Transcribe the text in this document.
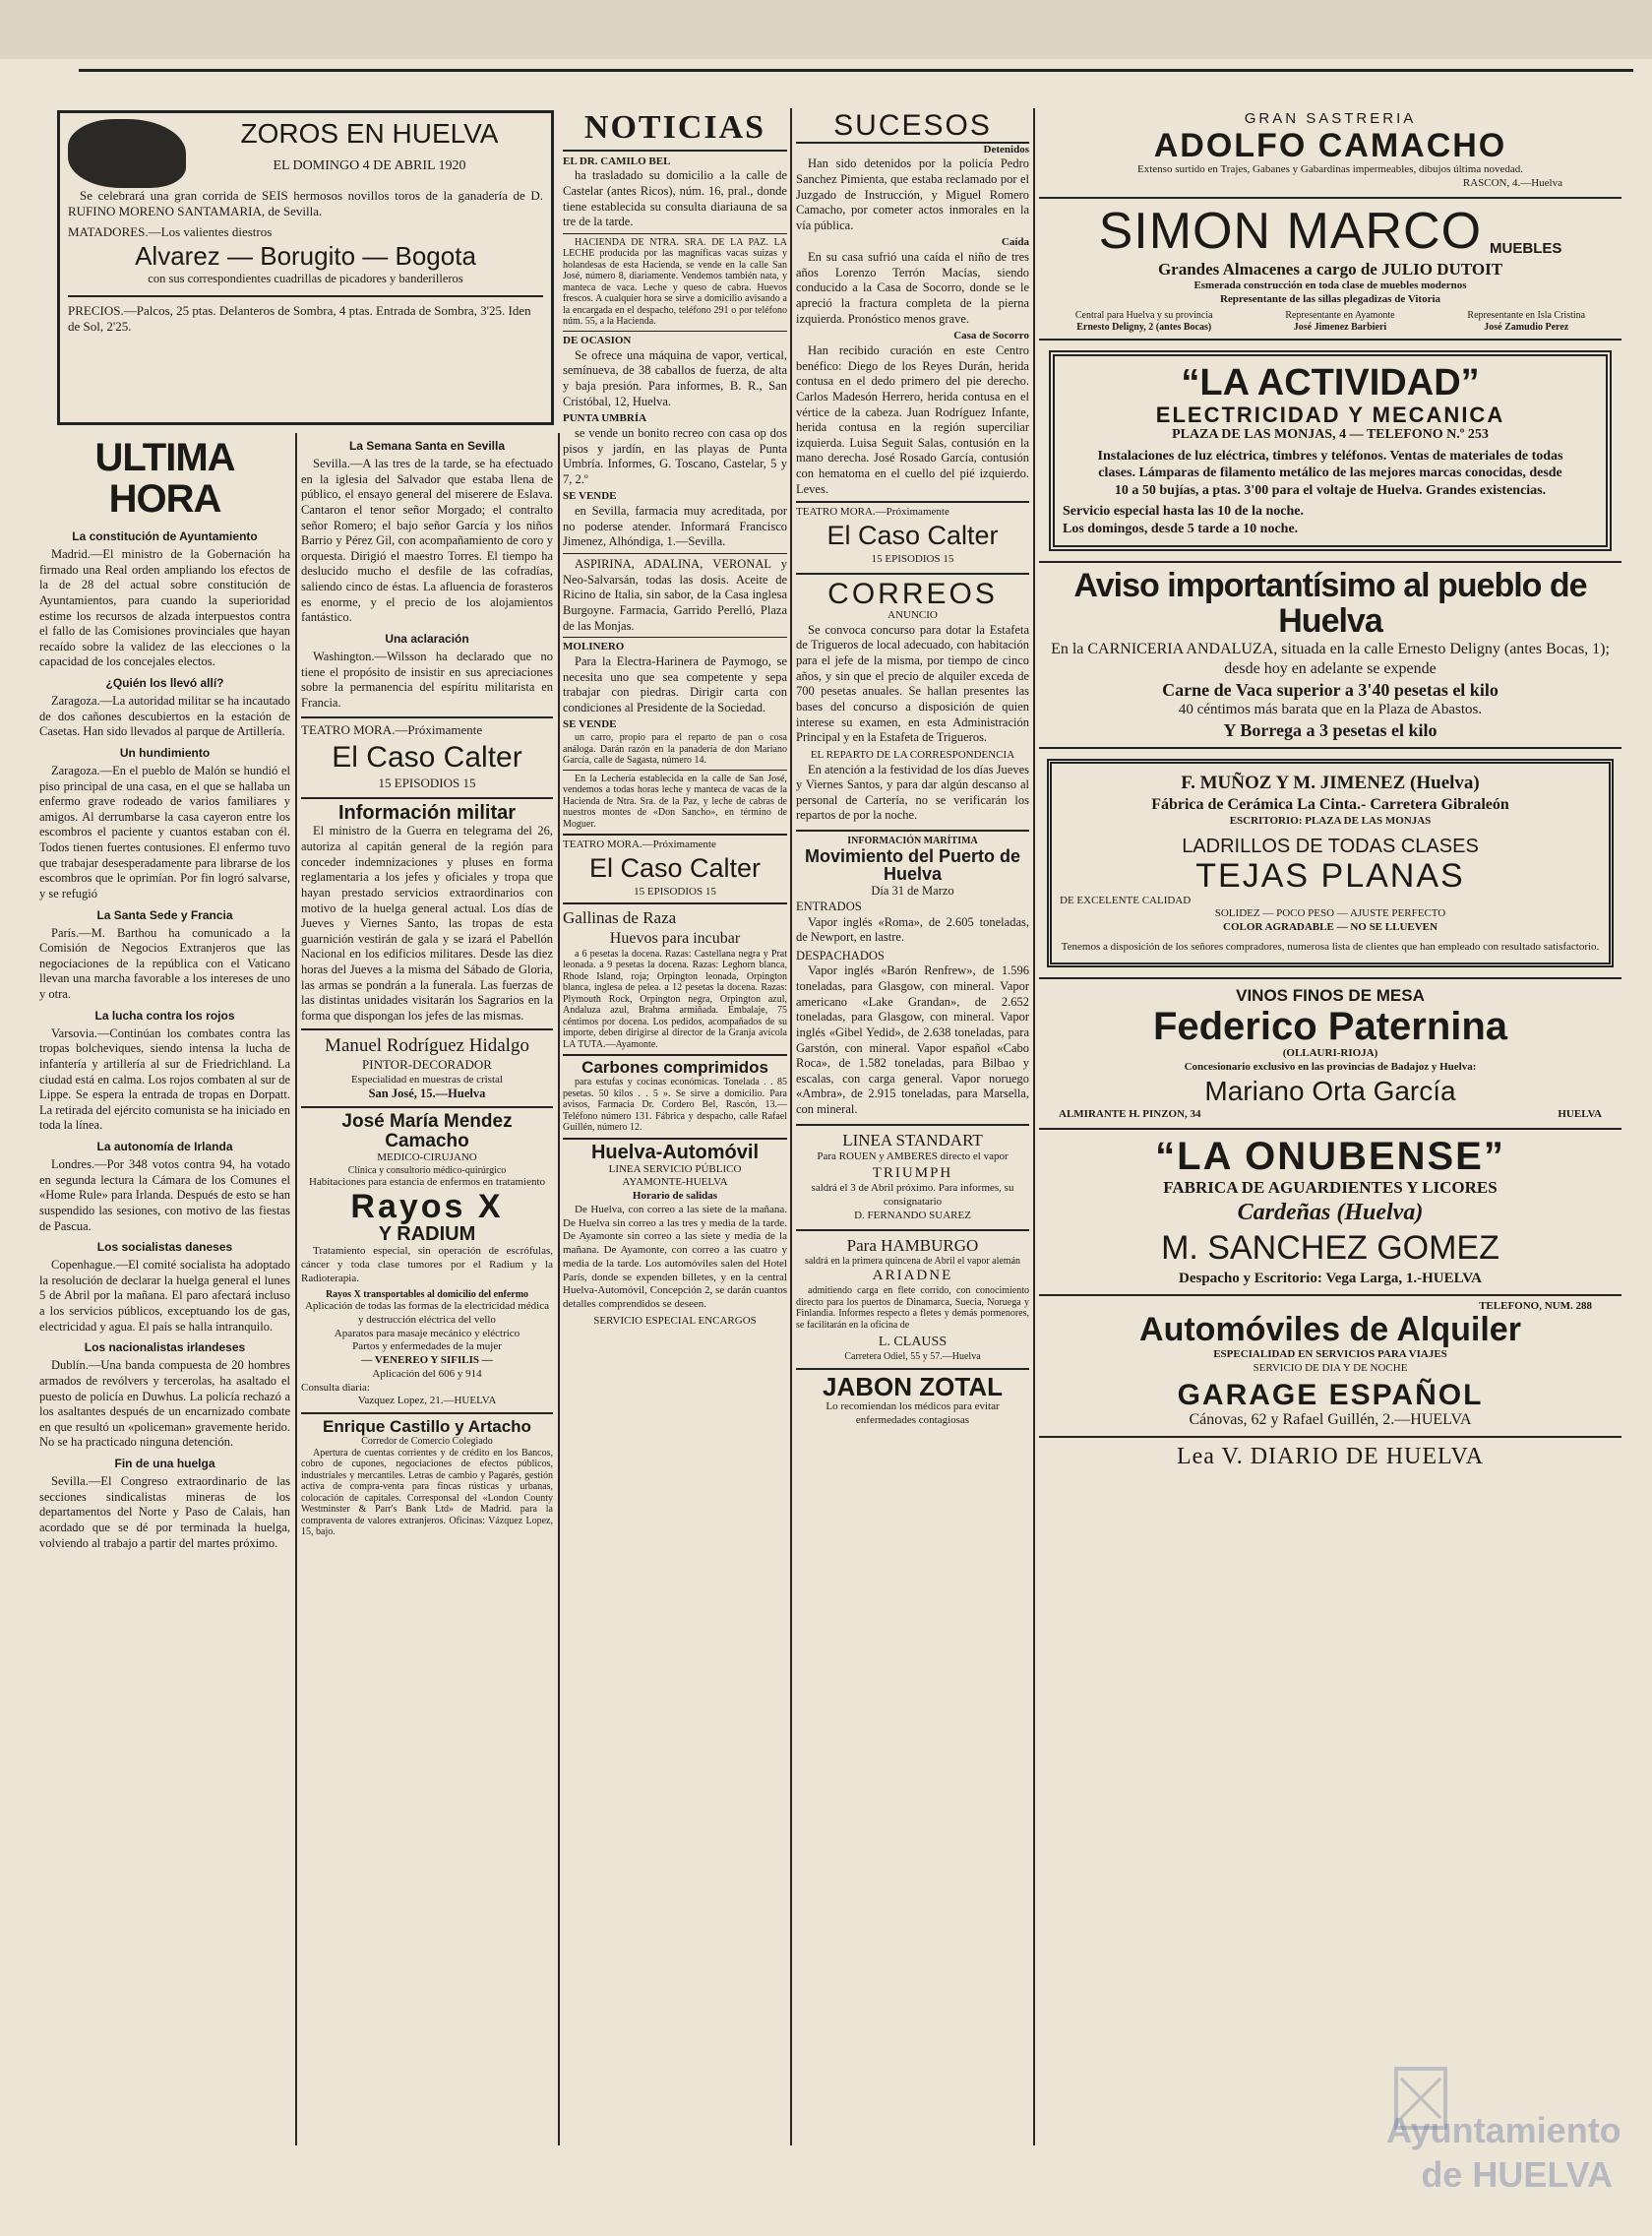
ZOROS EN HUELVA
EL DOMINGO 4 DE ABRIL 1920

Se celebrará una gran corrida de SEIS hermosos novillos toros de la ganadería de D. RUFINO MORENO SANTAMARIA, de Sevilla.

MATADORES.—Los valientes diestros
Alvarez — Borugito — Bogota
con sus correspondientes cuadrillas de picadores y banderilleros
PRECIOS.—Palcos, 25 ptas. Delanteros de Sombra, 4 ptas. Entrada de Sombra, 3'25. Iden de Sol, 2'25.
ULTIMA HORA
La constitución de Ayuntamiento

Madrid.—El ministro de la Gobernación ha firmado una Real orden ampliando los efectos de la de 28 del actual sobre constitución de Ayuntamientos, para cuando la superioridad estime los recursos de alzada interpuestos contra el fallo de las Comisiones provinciales que hayan recaído sobre la validez de las elecciones o la capacidad de los concejales electos.

¿Quién los llevó allí?

Zaragoza.—La autoridad militar se ha incautado de dos cañones descubiertos en la estación de Casetas. Han sido llevados al parque de Artillería.

Un hundimiento

Zaragoza.—En el pueblo de Malón se hundió el piso principal de una casa, en el que se hallaba un enfermo grave rodeado de varios familiares y amigos. Al derrumbarse la casa cayeron entre los escombros el paciente y cuantos estaban con él. Todos tienen fuertes contusiones. El enfermo tuvo que trabajar desesperadamente para librarse de los escombros que le oprimían. Por fin logró salvarse, y se refugió

La Santa Sede y Francia

París.—M. Barthou ha comunicado a la Comisión de Negocios Extranjeros que las negociaciones de la república con el Vaticano llevan una marcha favorable a los intereses de uno y otra.

La lucha contra los rojos

Varsovia.—Continúan los combates contra las tropas bolcheviques, siendo intensa la lucha de infantería y artillería al sur de Friedrichland. La ciudad está en calma. Los rojos combaten al sur de Lippe. Se espera la entrada de tropas en Dorpatt. La retirada del ejército comunista se ha iniciado en toda la línea.

La autonomía de Irlanda

Londres.—Por 348 votos contra 94, ha votado en segunda lectura la Cámara de los Comunes el «Home Rule» para Irlanda. Después de esto se han suspendido las sesiones, con motivo de las fiestas de Pascua.

Los socialistas daneses

Copenhague.—El comité socialista ha adoptado la resolución de declarar la huelga general el lunes 5 de Abril por la mañana. El paro afectará incluso a los servicios públicos, exceptuando los de gas, electricidad y agua. El país se halla intranquilo.

Los nacionalistas irlandeses

Dublín.—Una banda compuesta de 20 hombres armados de revólvers y tercerolas, ha asaltado el puesto de policía en Duwhus. La policía rechazó a los asaltantes después de un encarnizado combate en que resultó un «policeman» gravemente herido. No se ha practicado ninguna detención.

Fin de una huelga

Sevilla.—El Congreso extraordinario de las secciones sindicalistas mineras de los departamentos del Norte y Paso de Calais, han acordado que se dé por terminada la huelga, volviendo al trabajo a partir del martes próximo.

La Semana Santa en Sevilla

Sevilla.—A las tres de la tarde, se ha efectuado en la iglesia del Salvador que estaba llena de público, el ensayo general del miserere de Eslava. Cantaron el tenor señor Morgado; el contralto señor Romero; el bajo señor García y los niños Barrio y Pérez Gil, con acompañamiento de coro y orquesta. Dirigió el maestro Torres. El tiempo ha deslucido mucho el desfile de las cofradías, saliendo cinco de éstas. La afluencia de forasteros es enorme, y el precio de los alojamientos fantástico.

Una aclaración

Washington.—Wilsson ha declarado que no tiene el propósito de insistir en sus apreciaciones sobre la permanencia del espíritu militarista en Francia.

TEATRO MORA.—Próximamente
El Caso Calter
15 EPISODIOS 15
Información militar

El ministro de la Guerra en telegrama del 26, autoriza al capitán general de la región para conceder indemnizaciones y pluses en forma reglamentaria a los jefes y oficiales y tropa que hayan prestado servicios extraordinarios con motivo de la huelga general actual. Los días de Jueves y Viernes Santo, las tropas de esta guarnición vestirán de gala y se izará el Pabellón Nacional en los edificios militares. Desde las diez horas del Jueves a la misma del Sábado de Gloria, las armas se pondrán a la funerala. Las fuerzas de las distintas unidades visitarán los Sagrarios en la forma que dispongan los jefes de las mismas.

Manuel Rodríguez Hidalgo
PINTOR-DECORADOR
Especialidad en muestras de cristal
San José, 15.—Huelva
José María Mendez Camacho
MEDICO-CIRUJANO
Clínica y consultorio médico-quirúrgico
Habitaciones para estancia de enfermos en tratamiento
Rayos X
Y RADIUM

Tratamiento especial, sin operación de escrófulas, cáncer y toda clase tumores por el Radium y la Radioterapia.

Rayos X transportables al domicilio del enfermo
Aplicación de todas las formas de la electricidad médica y destrucción eléctrica del vello
Aparatos para masaje mecánico y eléctrico
Partos y enfermedades de la mujer
— VENEREO Y SIFILIS —
Aplicación del 606 y 914
Consulta diaria:
Vazquez Lopez, 21.—HUELVA
Enrique Castillo y Artacho
Corredor de Comercio Colegiado

Apertura de cuentas corrientes y de crédito en los Bancos, cobro de cupones, negociaciones de efectos públicos, industriales y mercantiles. Letras de cambio y Pagarés, gestión activa de compra-venta para fincas rústicas y urbanas, colocación de capitales. Corresponsal del «London County Westminster & Parr's Bank Ltd» de Madrid. para la compraventa de valores extranjeros. Oficinas: Vázquez Lopez, 15, bajo.

NOTICIAS
EL DR. CAMILO BEL

ha trasladado su domicilio a la calle de Castelar (antes Ricos), núm. 16, pral., donde tiene establecida su consulta diariauna de sa tre de la tarde.

HACIENDA DE NTRA. SRA. DE LA PAZ. LA LECHE producida por las magníficas vacas suizas y holandesas de esta Hacienda, se vende en la calle San José, número 8, diariamente. Vendemos también nata, y manteca de vaca. Leche y queso de cabra. Huevos frescos. A cualquier hora se sirve a domicilio avisando a la encargada en el despacho, teléfono 291 o por teléfono núm. 55, a la Hacienda.

DE OCASION

Se ofrece una máquina de vapor, vertical, semínueva, de 38 caballos de fuerza, de alta y baja presión. Para informes, B. R., San Cristóbal, 12, Huelva.

PUNTA UMBRÍA

se vende un bonito recreo con casa op dos pisos y jardín, en las playas de Punta Umbría. Informes, G. Toscano, Castelar, 5 y 7, 2.º

SE VENDE

en Sevilla, farmacia muy acreditada, por no poderse atender. Informará Francisco Jimenez, Alhóndiga, 1.—Sevilla.

ASPIRINA, ADALINA, VERONAL y Neo-Salvarsán, todas las dosis. Aceite de Ricino de Italia, sin sabor, de la Casa inglesa Burgoyne. Farmacia, Garrido Perelló, Plaza de las Monjas.

MOLINERO

Para la Electra-Harinera de Paymogo, se necesita uno que sea competente y sepa trabajar con piedras. Dirigir carta con condiciones al Presidente de la Sociedad.

SE VENDE

un carro, propio para el reparto de pan o cosa análoga. Darán razón en la panadería de don Mariano García, calle de Sagasta, número 14.

En la Lechería establecida en la calle de San José, vendemos a todas horas leche y manteca de vacas de la Hacienda de Ntra. Sra. de la Paz, y leche de cabras de nuestros montes de «Don Sancho», en término de Moguer.

TEATRO MORA.—Próximamente
El Caso Calter
15 EPISODIOS 15
Gallinas de Raza
Huevos para incubar

a 6 pesetas la docena. Razas: Castellana negra y Prat leonada. a 9 pesetas la docena. Razas: Leghorn blanca, Rhode Island, roja; Orpington leonada, Orpington blanca, inglesa de pelea. a 12 pesetas la docena. Razas: Plymouth Rock, Orpington negra, Orpington azul, Andaluza azul, Brahma armiñada. Embalaje, 75 céntimos por docena. Los pedidos, acompañados de su importe, deben dirigirse al director de la Granja avícola LA TUTA.—Ayamonte.

Carbones comprimidos

para estufas y cocinas económicas. Tonelada . . 85 pesetas. 50 kilos . . 5 ». Se sirve a domicilio. Para avisos, Farmacia Dr. Cordero Bel, Rascón, 13.—Teléfono número 131. Fábrica y despacho, calle Rafael Guillén, número 12.

Huelva-Automóvil
LINEA SERVICIO PÚBLICO
AYAMONTE-HUELVA
Horario de salidas

De Huelva, con correo a las siete de la mañana. De Huelva sin correo a las tres y media de la tarde. De Ayamonte sin correo a las siete y media de la mañana. De Ayamonte, con correo a las cuatro y media de la tarde. Los automóviles salen del Hotel París, donde se expenden billetes, y en la central Huelva-Automóvil, Concepción 2, se darán cuantos detalles comprendidos se deseen.

SERVICIO ESPECIAL ENCARGOS
SUCESOS
Detenidos

Han sido detenidos por la policía Pedro Sanchez Pimienta, que estaba reclamado por el Juzgado de Instrucción, y Miguel Romero Camacho, por cometer actos inmorales en la vía pública.

Caída

En su casa sufrió una caída el niño de tres años Lorenzo Terrón Macías, siendo conducido a la Casa de Socorro, donde se le apreció la fractura completa de la pierna izquierda. Pronóstico menos grave.

Casa de Socorro

Han recibido curación en este Centro benéfico: Diego de los Reyes Durán, herida contusa en el dedo primero del pie derecho. Carlos Madesón Herrero, herida contusa en el vértice de la cabeza. Juan Rodríguez Infante, herida contusa en la región superciliar izquierda. Luisa Seguit Salas, contusión en la mano derecha. José Rosado García, contusión con hematoma en el cuello del pié izquierdo. Leves.

TEATRO MORA.—Próximamente
El Caso Calter
15 EPISODIOS 15
CORREOS
ANUNCIO

Se convoca concurso para dotar la Estafeta de Trigueros de local adecuado, con habitación para el jefe de la misma, por tiempo de cinco años, y sin que el precio de alquiler exceda de 700 pesetas anuales. Se hallan presentes las bases del concurso a disposición de quien interese su examen, en esta Administración Principal y en la Estafeta de Trigueros.

EL REPARTO DE LA CORRESPONDENCIA

En atención a la festividad de los días Jueves y Viernes Santos, y para dar algún descanso al personal de Cartería, no se verificarán los repartos de por la noche.

INFORMACIÓN MARÍTIMA
Movimiento del Puerto de Huelva
Día 31 de Marzo
ENTRADOS

Vapor inglés «Roma», de 2.605 toneladas, de Newport, en lastre.

DESPACHADOS

Vapor inglés «Barón Renfrew», de 1.596 toneladas, para Glasgow, con mineral. Vapor americano «Lake Grandan», de 2.652 toneladas, para Glasgow, con mineral. Vapor inglés «Gibel Yedid», de 2.638 toneladas, para Garstón, con mineral. Vapor español «Cabo Roca», de 1.582 toneladas, para Bilbao y escalas, con carga general. Vapor noruego «Ambra», de 2.915 toneladas, para Marsella, con mineral.

LINEA STANDART
Para ROUEN y AMBERES directo el vapor
TRIUMPH
saldrá el 3 de Abril próximo. Para informes, su consignatario
D. FERNANDO SUAREZ
Para HAMBURGO
saldrá en la primera quincena de Abril el vapor alemán
ARIADNE

admitiendo carga en flete corrido, con conocimiento directo para los puertos de Dinamarca, Suecia, Noruega y Finlandia. Informes respecto a fletes y demás pormenores, se facilitarán en la oficina de

L. CLAUSS
Carretera Odiel, 55 y 57.—Huelva
JABON ZOTAL
Lo recomiendan los médicos para evitar enfermedades contagiosas
GRAN SASTRERIA
ADOLFO CAMACHO
Extenso surtido en Trajes, Gabanes y Gabardinas impermeables, dibujos última novedad.
RASCON, 4.—Huelva
SIMON MARCO MUEBLES
Grandes Almacenes a cargo de JULIO DUTOIT
Esmerada construcción en toda clase de muebles modernos
Representante de las sillas plegadizas de Vitoria
Central para Huelva y su provincia
Ernesto Deligny, 2 (antes Bocas)
Representante en Ayamonte
José Jimenez Barbieri
Representante en Isla Cristina
José Zamudio Perez
“LA ACTIVIDAD”
ELECTRICIDAD Y MECANICA
PLAZA DE LAS MONJAS, 4 — TELEFONO N.º 253
Instalaciones de luz eléctrica, timbres y teléfonos. Ventas de materiales de todas clases. Lámparas de filamento metálico de las mejores marcas conocidas, desde 10 a 50 bujías, a ptas. 3'00 para el voltaje de Huelva. Grandes existencias.
Servicio especial hasta las 10 de la noche.
Los domingos, desde 5 tarde a 10 noche.
Aviso importantísimo al pueblo de Huelva
En la CARNICERIA ANDALUZA, situada en la calle Ernesto Deligny (antes Bocas, 1); desde hoy en adelante se expende
Carne de Vaca superior a 3'40 pesetas el kilo
40 céntimos más barata que en la Plaza de Abastos.
Y Borrega a 3 pesetas el kilo
F. MUÑOZ Y M. JIMENEZ (Huelva)
Fábrica de Cerámica La Cinta.- Carretera Gibraleón
ESCRITORIO: PLAZA DE LAS MONJAS
LADRILLOS DE TODAS CLASES
TEJAS PLANAS
DE EXCELENTE CALIDAD
SOLIDEZ — POCO PESO — AJUSTE PERFECTO
COLOR AGRADABLE — NO SE LLUEVEN
Tenemos a disposición de los señores compradores, numerosa lista de clientes que han empleado con resultado satisfactorio.
VINOS FINOS DE MESA
Federico Paternina
(OLLAURI-RIOJA)
Concesionario exclusivo en las provincias de Badajoz y Huelva:
Mariano Orta García
ALMIRANTE H. PINZON, 34	HUELVA
“LA ONUBENSE”
FABRICA DE AGUARDIENTES Y LICORES
Cardeñas (Huelva)
M. SANCHEZ GOMEZ
Despacho y Escritorio: Vega Larga, 1.-HUELVA
TELEFONO, NUM. 288
Automóviles de Alquiler
ESPECIALIDAD EN SERVICIOS PARA VIAJES
SERVICIO DE DIA Y DE NOCHE
GARAGE ESPAÑOL
Cánovas, 62 y Rafael Guillén, 2.—HUELVA
Lea V. DIARIO DE HUELVA
Ayuntamiento de HUELVA
